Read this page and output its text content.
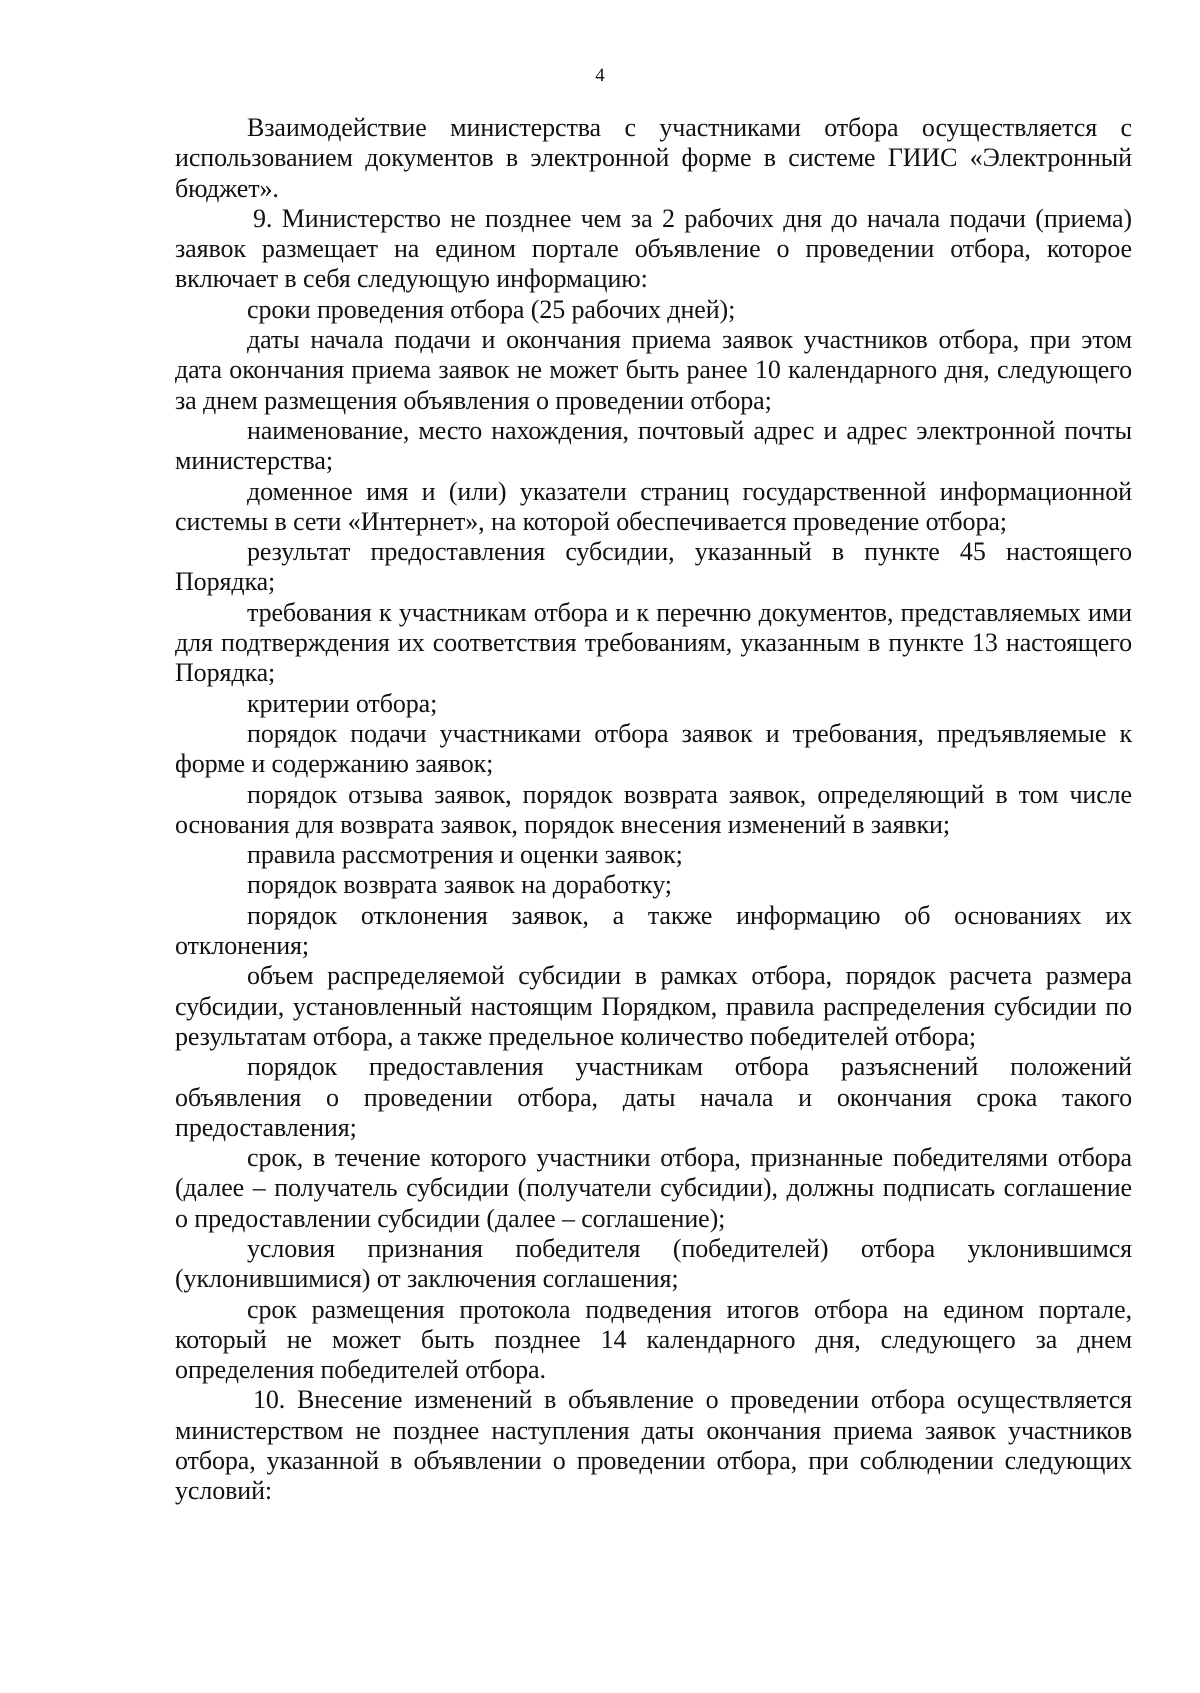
4

Взаимодействие министерства с участниками отбора осуществляется с использованием документов в электронной форме в системе ГИИС «Электронный бюджет».

9. Министерство не позднее чем за 2 рабочих дня до начала подачи (приема) заявок размещает на едином портале объявление о проведении отбора, которое включает в себя следующую информацию:

сроки проведения отбора (25 рабочих дней);

даты начала подачи и окончания приема заявок участников отбора, при этом дата окончания приема заявок не может быть ранее 10 календарного дня, следующего за днем размещения объявления о проведении отбора;

наименование, место нахождения, почтовый адрес и адрес электронной почты министерства;

доменное имя и (или) указатели страниц государственной информационной системы в сети «Интернет», на которой обеспечивается проведение отбора;

результат предоставления субсидии, указанный в пункте 45 настоящего Порядка;

требования к участникам отбора и к перечню документов, представляемых ими для подтверждения их соответствия требованиям, указанным в пункте 13 настоящего Порядка;

критерии отбора;

порядок подачи участниками отбора заявок и требования, предъявляемые к форме и содержанию заявок;

порядок отзыва заявок, порядок возврата заявок, определяющий в том числе основания для возврата заявок, порядок внесения изменений в заявки;

правила рассмотрения и оценки заявок;

порядок возврата заявок на доработку;

порядок отклонения заявок, а также информацию об основаниях их отклонения;

объем распределяемой субсидии в рамках отбора, порядок расчета размера субсидии, установленный настоящим Порядком, правила распределения субсидии по результатам отбора, а также предельное количество победителей отбора;

порядок предоставления участникам отбора разъяснений положений объявления о проведении отбора, даты начала и окончания срока такого предоставления;

срок, в течение которого участники отбора, признанные победителями отбора (далее – получатель субсидии (получатели субсидии), должны подписать соглашение о предоставлении субсидии (далее – соглашение);

условия признания победителя (победителей) отбора уклонившимся (уклонившимися) от заключения соглашения;

срок размещения протокола подведения итогов отбора на едином портале, который не может быть позднее 14 календарного дня, следующего за днем определения победителей отбора.

10. Внесение изменений в объявление о проведении отбора осуществляется министерством не позднее наступления даты окончания приема заявок участников отбора, указанной в объявлении о проведении отбора, при соблюдении следующих условий:
